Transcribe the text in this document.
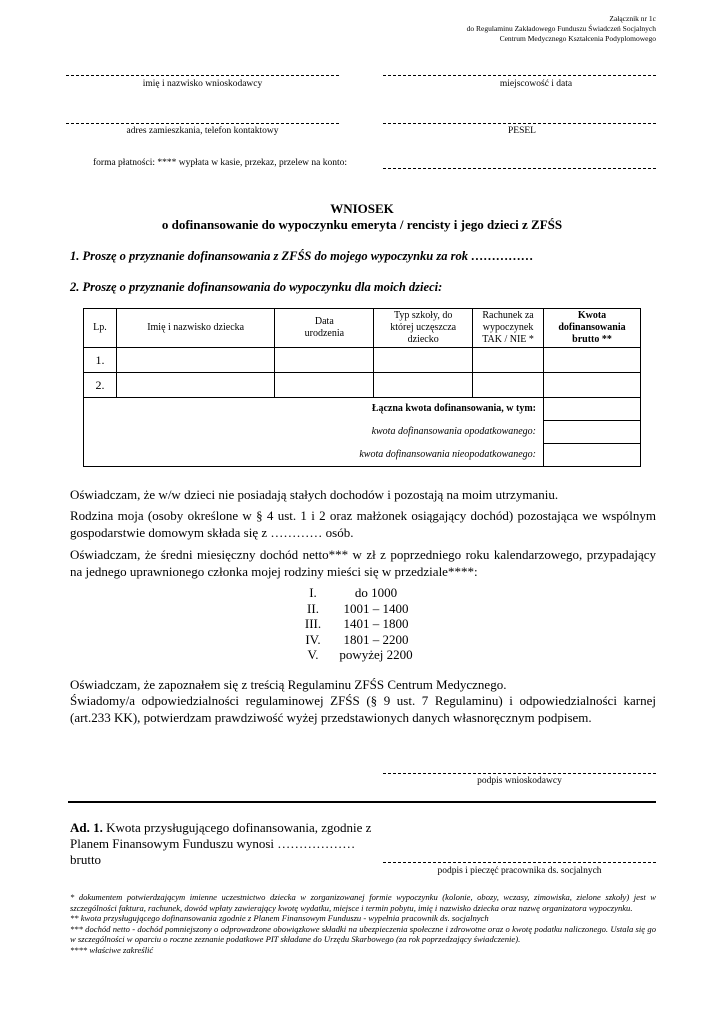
Załącznik nr 1c
do Regulaminu Zakładowego Funduszu Świadczeń Socjalnych
Centrum Medycznego Kształcenia Podyplomowego
imię i nazwisko wnioskodawcy	miejscowość i data
adres zamieszkania, telefon kontaktowy	PESEL
forma płatności: **** wypłata w kasie, przekaz, przelew na konto:
WNIOSEK
o dofinansowanie do wypoczynku emeryta / rencisty i jego dzieci z ZFŚS
1. Proszę o przyznanie dofinansowania z ZFŚS do mojego wypoczynku za rok ……………
2. Proszę o przyznanie dofinansowania do wypoczynku dla moich dzieci:
Lp.	Imię i nazwisko dziecka	Data urodzenia	Typ szkoły, do której uczęszcza dziecko	Rachunek za wypoczynek TAK / NIE *	Kwota dofinansowania brutto **
1.					
2.					
Łączna kwota dofinansowania, w tym:					
kwota dofinansowania opodatkowanego:					
kwota dofinansowania nieopodatkowanego:					
Oświadczam, że w/w dzieci nie posiadają stałych dochodów i pozostają na moim utrzymaniu.
Rodzina moja (osoby określone w § 4 ust. 1 i 2 oraz małżonek osiągający dochód) pozostająca we wspólnym gospodarstwie domowym składa się z ………… osób.
Oświadczam, że średni miesięczny dochód netto*** w zł z poprzedniego roku kalendarzowego, przypadający na jednego uprawnionego członka mojej rodziny mieści się w przedziale****:
I.	do 1000
II.	1001 – 1400
III.	1401 – 1800
IV.	1801 – 2200
V.	powyżej 2200
Oświadczam, że zapoznałem się z treścią Regulaminu ZFŚS Centrum Medycznego.
Świadomy/a odpowiedzialności regulaminowej ZFŚS (§ 9 ust. 7 Regulaminu) i odpowiedzialności karnej (art.233 KK), potwierdzam prawdziwość wyżej przedstawionych danych własnoręcznym podpisem.
podpis wnioskodawcy
Ad. 1. Kwota przysługującego dofinansowania, zgodnie z Planem Finansowym Funduszu wynosi ……………… brutto
podpis i pieczęć pracownika ds. socjalnych
* dokumentem potwierdzającym imienne uczestnictwo dziecka w zorganizowanej formie wypoczynku (kolonie, obozy, wczasy, zimowiska, zielone szkoły) jest w szczególności faktura, rachunek, dowód wpłaty zawierający kwotę wydatku, miejsce i termin pobytu, imię i nazwisko dziecka oraz nazwę organizatora wypoczynku.
** kwota przysługującego dofinansowania zgodnie z Planem Finansowym Funduszu - wypełnia pracownik ds. socjalnych
*** dochód netto - dochód pomniejszony o odprowadzone obowiązkowe składki na ubezpieczenia społeczne i zdrowotne oraz o kwotę podatku naliczonego. Ustala się go w szczególności w oparciu o roczne zeznanie podatkowe PIT składane do Urzędu Skarbowego (za rok poprzedzający świadczenie).
**** właściwe zakreślić
